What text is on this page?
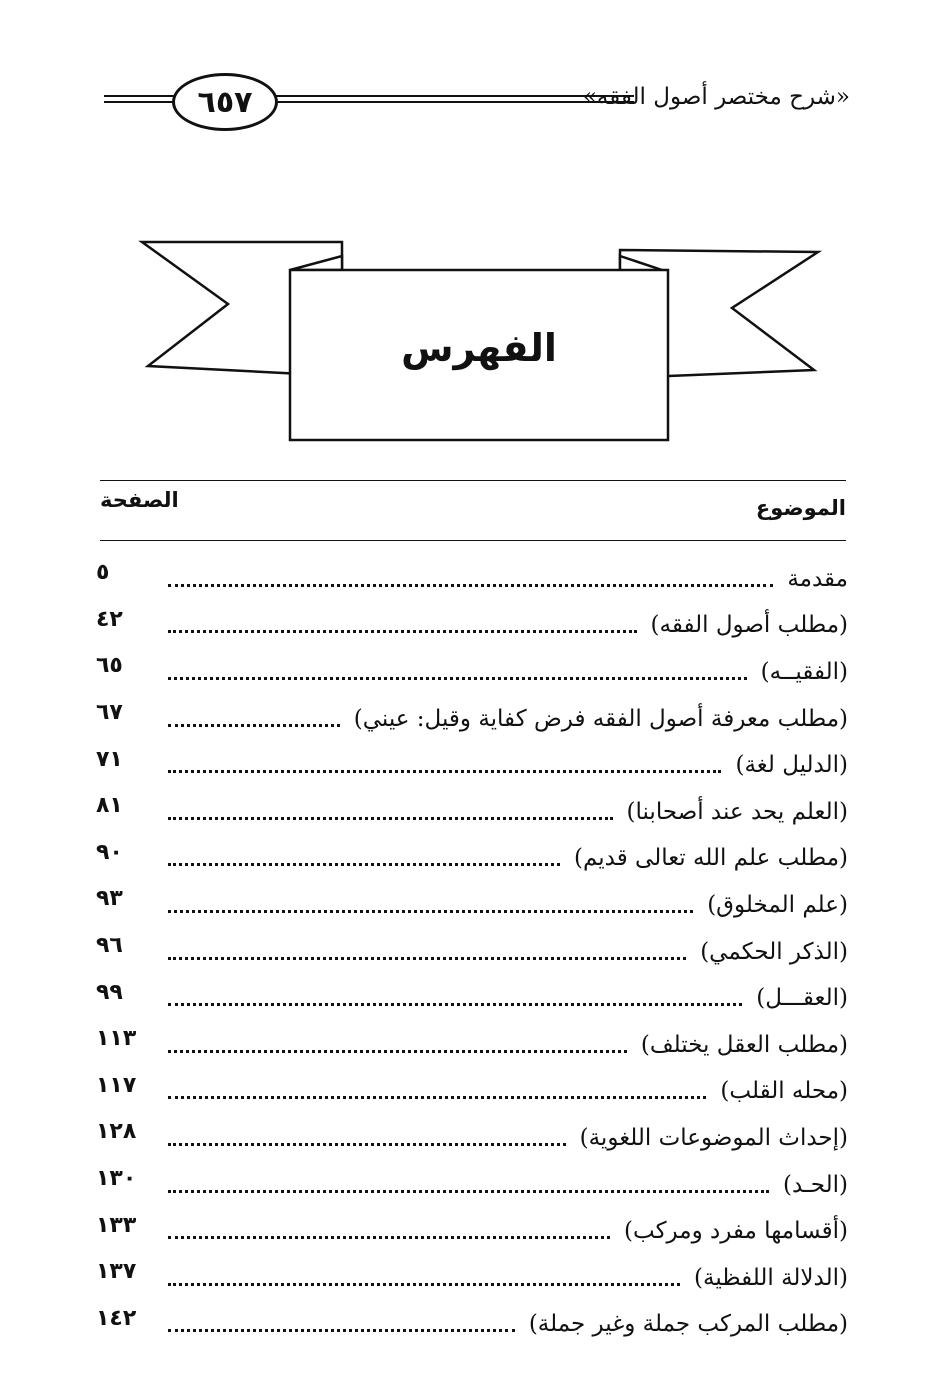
٦٥٧	«شرح مختصر أصول الفقه»
الفهرس
الموضوع
الصفحة
مقدمة
٥
(مطلب أصول الفقه)
٤٢
(الفقيــه)
٦٥
(مطلب معرفة أصول الفقه فرض كفاية وقيل: عيني)
٦٧
(الدليل لغة)
٧١
(العلم يحد عند أصحابنا)
٨١
(مطلب علم الله تعالى قديم)
٩٠
(علم المخلوق)
٩٣
(الذكر الحكمي)
٩٦
(العقـــل)
٩٩
(مطلب العقل يختلف)
١١٣
(محله القلب)
١١٧
(إحداث الموضوعات اللغوية)
١٢٨
(الحـد)
١٣٠
(أقسامها مفرد ومركب)
١٣٣
(الدلالة اللفظية)
١٣٧
(مطلب المركب جملة وغير جملة)
١٤٢
